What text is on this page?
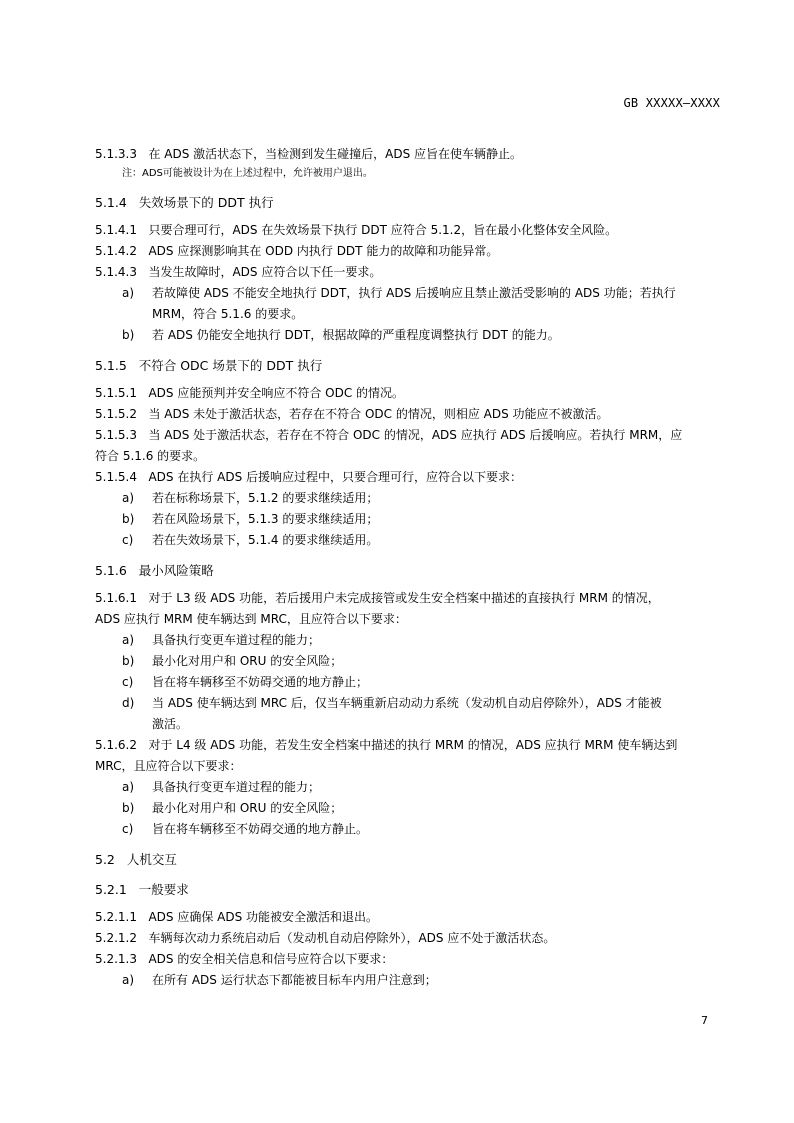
GB XXXXX—XXXX
5.1.3.3 在 ADS 激活状态下，当检测到发生碰撞后，ADS 应旨在使车辆静止。
注：ADS可能被设计为在上述过程中，允许被用户退出。
5.1.4 失效场景下的 DDT 执行
5.1.4.1 只要合理可行，ADS 在失效场景下执行 DDT 应符合 5.1.2，旨在最小化整体安全风险。
5.1.4.2 ADS 应探测影响其在 ODD 内执行 DDT 能力的故障和功能异常。
5.1.4.3 当发生故障时，ADS 应符合以下任一要求。
a) 若故障使 ADS 不能安全地执行 DDT，执行 ADS 后援响应且禁止激活受影响的 ADS 功能；若执行
MRM，符合 5.1.6 的要求。
b) 若 ADS 仍能安全地执行 DDT，根据故障的严重程度调整执行 DDT 的能力。
5.1.5 不符合 ODC 场景下的 DDT 执行
5.1.5.1 ADS 应能预判并安全响应不符合 ODC 的情况。
5.1.5.2 当 ADS 未处于激活状态，若存在不符合 ODC 的情况，则相应 ADS 功能应不被激活。
5.1.5.3 当 ADS 处于激活状态，若存在不符合 ODC 的情况，ADS 应执行 ADS 后援响应。若执行 MRM，应
符合 5.1.6 的要求。
5.1.5.4 ADS 在执行 ADS 后援响应过程中，只要合理可行，应符合以下要求：
a) 若在标称场景下，5.1.2 的要求继续适用；
b) 若在风险场景下，5.1.3 的要求继续适用；
c) 若在失效场景下，5.1.4 的要求继续适用。
5.1.6 最小风险策略
5.1.6.1 对于 L3 级 ADS 功能，若后援用户未完成接管或发生安全档案中描述的直接执行 MRM 的情况，
ADS 应执行 MRM 使车辆达到 MRC，且应符合以下要求：
a) 具备执行变更车道过程的能力；
b) 最小化对用户和 ORU 的安全风险；
c) 旨在将车辆移至不妨碍交通的地方静止；
d) 当 ADS 使车辆达到 MRC 后，仅当车辆重新启动动力系统（发动机自动启停除外），ADS 才能被
激活。
5.1.6.2 对于 L4 级 ADS 功能，若发生安全档案中描述的执行 MRM 的情况，ADS 应执行 MRM 使车辆达到
MRC，且应符合以下要求：
a) 具备执行变更车道过程的能力；
b) 最小化对用户和 ORU 的安全风险；
c) 旨在将车辆移至不妨碍交通的地方静止。
5.2 人机交互
5.2.1 一般要求
5.2.1.1 ADS 应确保 ADS 功能被安全激活和退出。
5.2.1.2 车辆每次动力系统启动后（发动机自动启停除外），ADS 应不处于激活状态。
5.2.1.3 ADS 的安全相关信息和信号应符合以下要求：
a) 在所有 ADS 运行状态下都能被目标车内用户注意到；
7
